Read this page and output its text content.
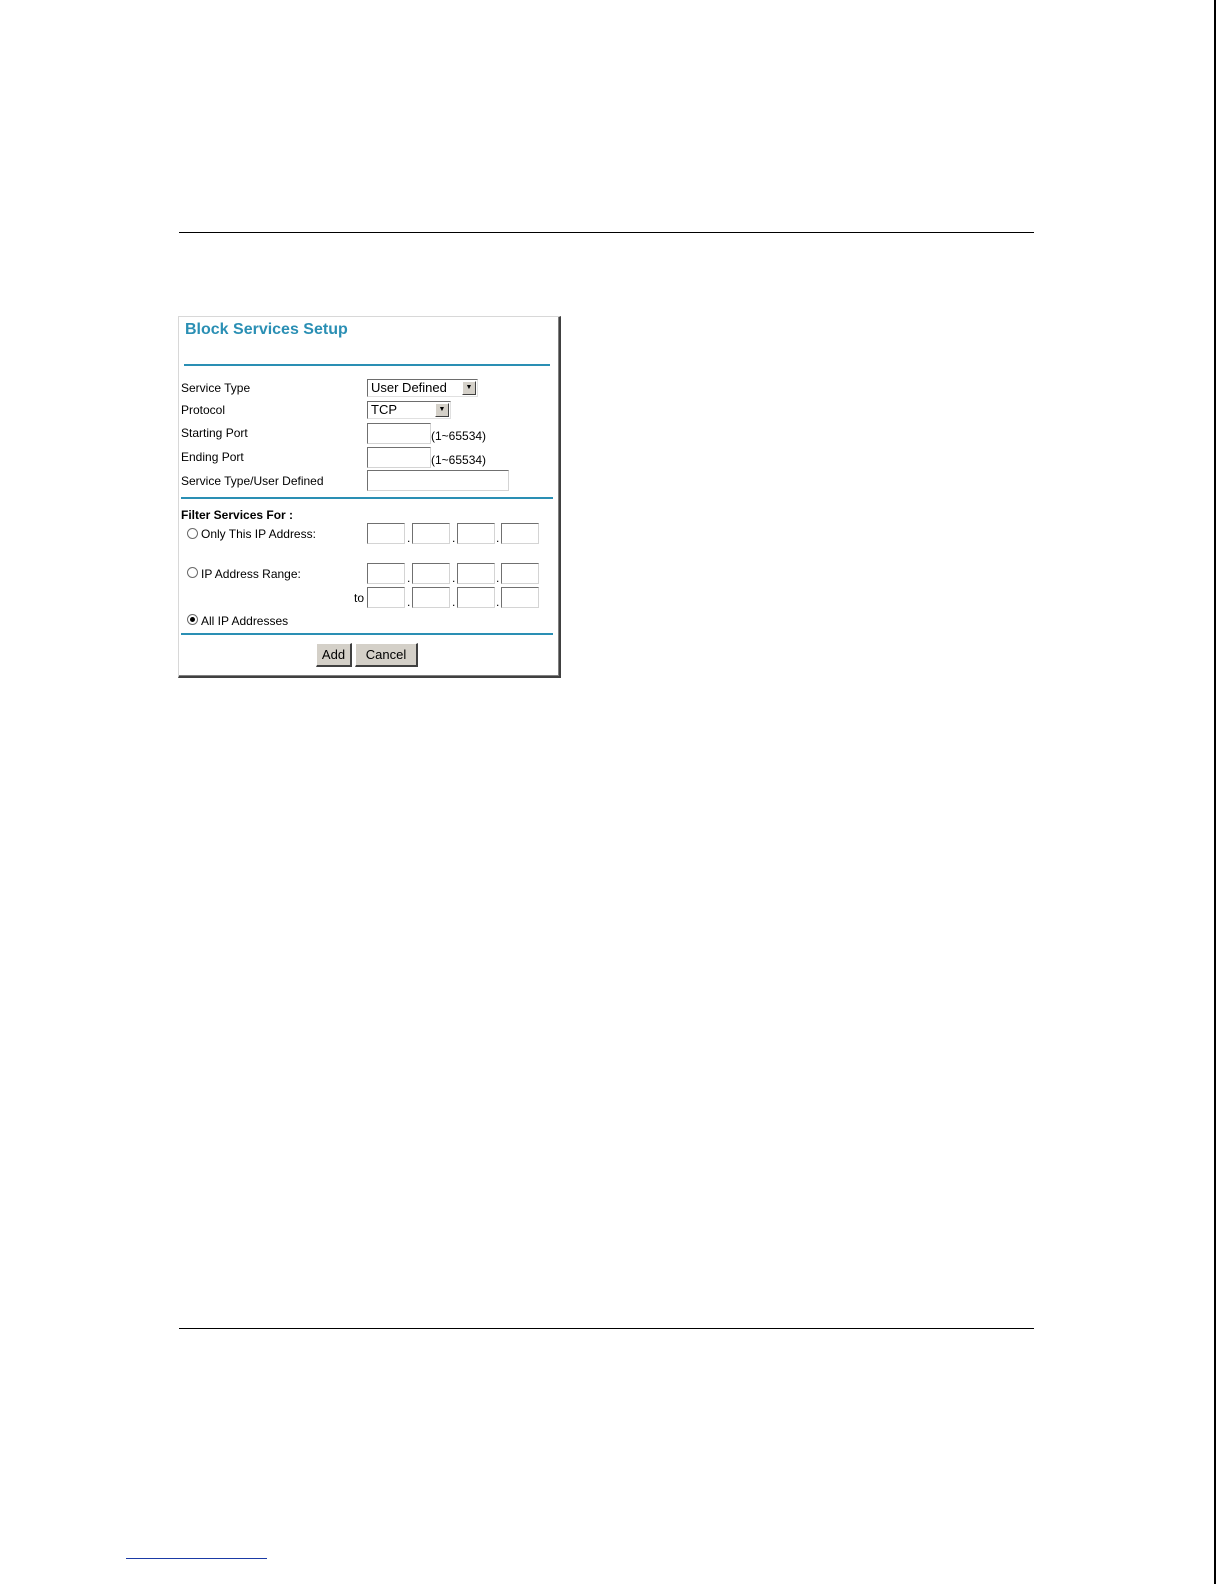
Block Services Setup
Service Type	User Defined	▼
Protocol	TCP	▼
Starting Port	(1~65534)
Ending Port	(1~65534)
Service Type/User Defined
Filter Services For :
Only This IP Address:	.	.	.
IP Address Range:	.	.	.
to	.	.	.
All IP Addresses
Add	Cancel
